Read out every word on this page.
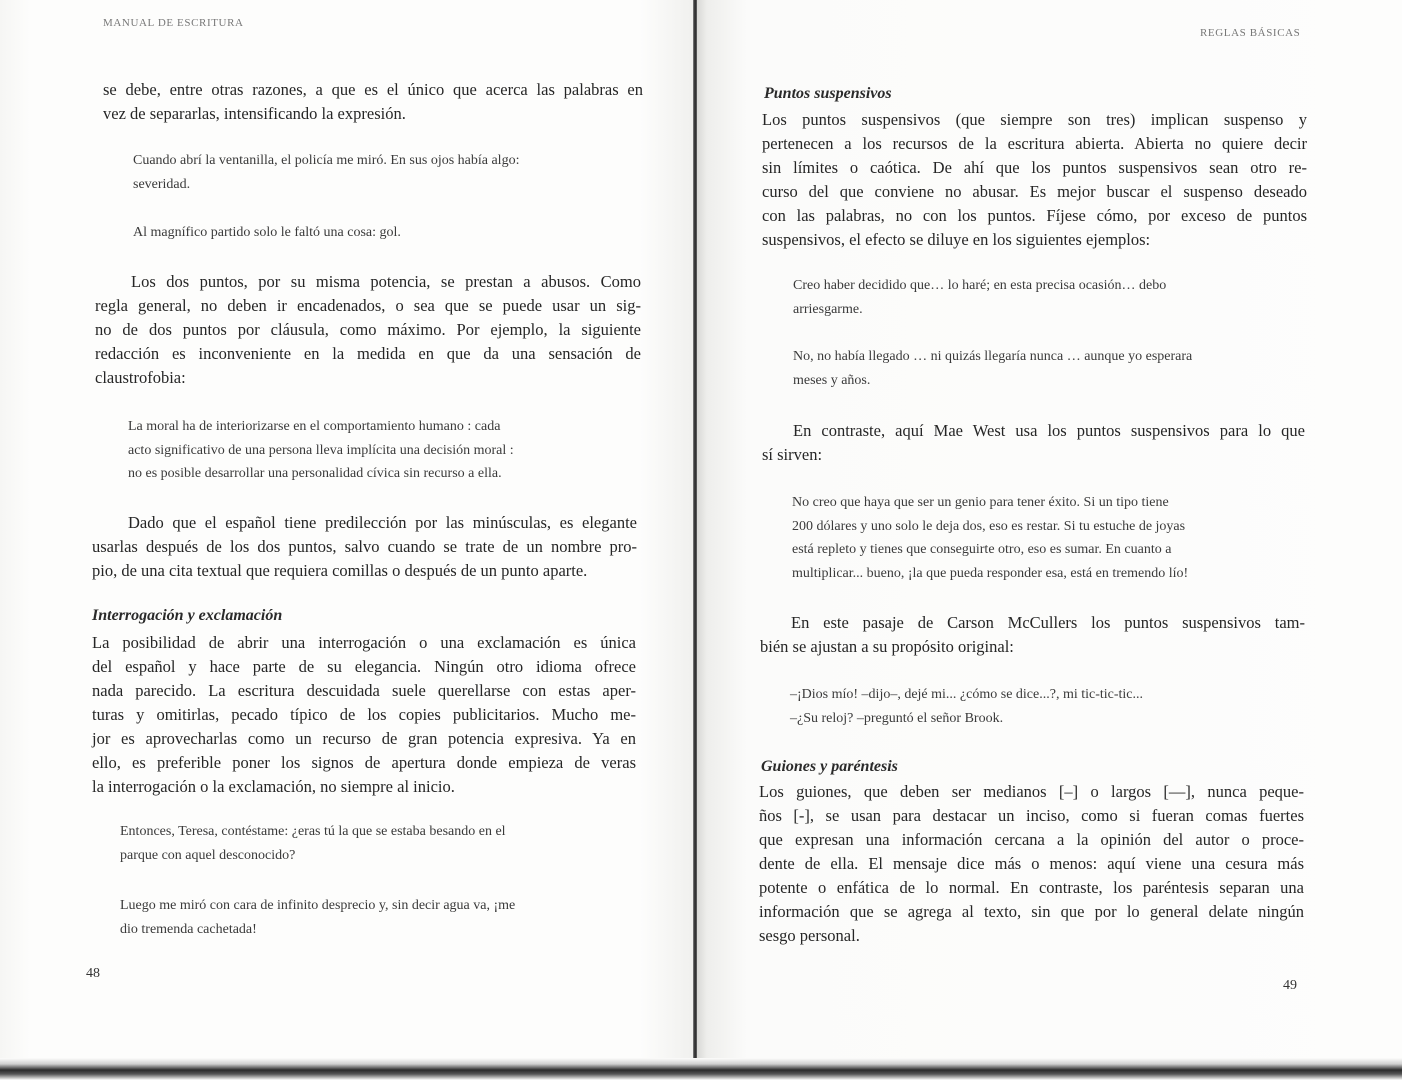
MANUAL DE ESCRITURA
se debe, entre otras razones, a que es el único que acerca las palabras en
vez de separarlas, intensificando la expresión.
Cuando abrí la ventanilla, el policía me miró. En sus ojos había algo:
severidad.
Al magnífico partido solo le faltó una cosa: gol.
Los dos puntos, por su misma potencia, se prestan a abusos. Como
regla general, no deben ir encadenados, o sea que se puede usar un sig-
no de dos puntos por cláusula, como máximo. Por ejemplo, la siguiente
redacción es inconveniente en la medida en que da una sensación de
claustrofobia:
La moral ha de interiorizarse en el comportamiento humano : cada
acto significativo de una persona lleva implícita una decisión moral :
no es posible desarrollar una personalidad cívica sin recurso a ella.
Dado que el español tiene predilección por las minúsculas, es elegante
usarlas después de los dos puntos, salvo cuando se trate de un nombre pro-
pio, de una cita textual que requiera comillas o después de un punto aparte.
Interrogación y exclamación
La posibilidad de abrir una interrogación o una exclamación es única
del español y hace parte de su elegancia. Ningún otro idioma ofrece
nada parecido. La escritura descuidada suele querellarse con estas aper-
turas y omitirlas, pecado típico de los copies publicitarios. Mucho me-
jor es aprovecharlas como un recurso de gran potencia expresiva. Ya en
ello, es preferible poner los signos de apertura donde empieza de veras
la interrogación o la exclamación, no siempre al inicio.
Entonces, Teresa, contéstame: ¿eras tú la que se estaba besando en el
parque con aquel desconocido?
Luego me miró con cara de infinito desprecio y, sin decir agua va, ¡me
dio tremenda cachetada!
48
REGLAS BÁSICAS
Puntos suspensivos
Los puntos suspensivos (que siempre son tres) implican suspenso y
pertenecen a los recursos de la escritura abierta. Abierta no quiere decir
sin límites o caótica. De ahí que los puntos suspensivos sean otro re-
curso del que conviene no abusar. Es mejor buscar el suspenso deseado
con las palabras, no con los puntos. Fíjese cómo, por exceso de puntos
suspensivos, el efecto se diluye en los siguientes ejemplos:
Creo haber decidido que… lo haré; en esta precisa ocasión… debo
arriesgarme.
No, no había llegado … ni quizás llegaría nunca … aunque yo esperara
meses y años.
En contraste, aquí Mae West usa los puntos suspensivos para lo que
sí sirven:
No creo que haya que ser un genio para tener éxito. Si un tipo tiene
200 dólares y uno solo le deja dos, eso es restar. Si tu estuche de joyas
está repleto y tienes que conseguirte otro, eso es sumar. En cuanto a
multiplicar... bueno, ¡la que pueda responder esa, está en tremendo lío!
En este pasaje de Carson McCullers los puntos suspensivos tam-
bién se ajustan a su propósito original:
–¡Dios mío! –dijo–, dejé mi... ¿cómo se dice...?, mi tic-tic-tic...
–¿Su reloj? –preguntó el señor Brook.
Guiones y paréntesis
Los guiones, que deben ser medianos [–] o largos [—], nunca peque-
ños [-], se usan para destacar un inciso, como si fueran comas fuertes
que expresan una información cercana a la opinión del autor o proce-
dente de ella. El mensaje dice más o menos: aquí viene una cesura más
potente o enfática de lo normal. En contraste, los paréntesis separan una
información que se agrega al texto, sin que por lo general delate ningún
sesgo personal.
49
